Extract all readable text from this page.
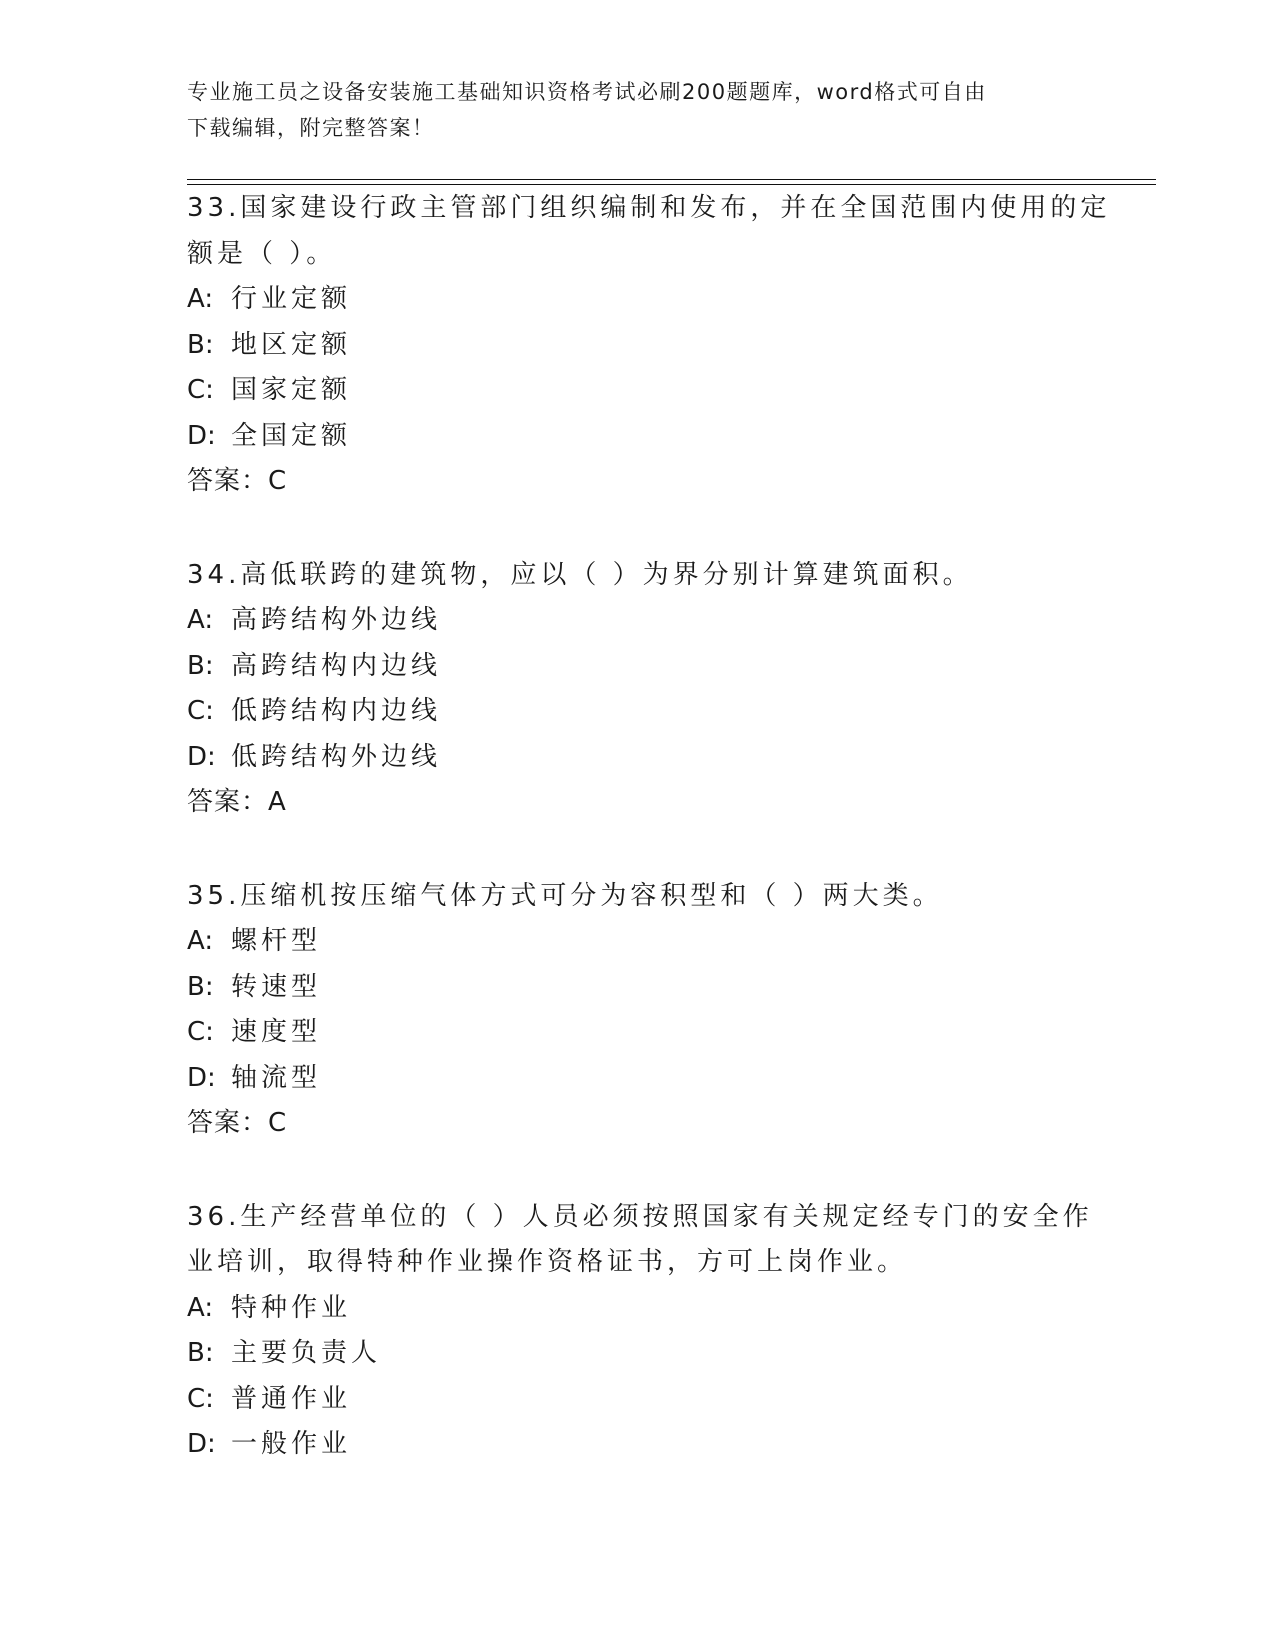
专业施工员之设备安装施工基础知识资格考试必刷200题题库，word格式可自由
下载编辑，附完整答案！
33.国家建设行政主管部门组织编制和发布，并在全国范围内使用的定
额是（ ）。
A: 行业定额
B: 地区定额
C: 国家定额
D: 全国定额
答案：C
34.高低联跨的建筑物，应以（ ）为界分别计算建筑面积。
A: 高跨结构外边线
B: 高跨结构内边线
C: 低跨结构内边线
D: 低跨结构外边线
答案：A
35.压缩机按压缩气体方式可分为容积型和（ ）两大类。
A: 螺杆型
B: 转速型
C: 速度型
D: 轴流型
答案：C
36.生产经营单位的（ ）人员必须按照国家有关规定经专门的安全作
业培训，取得特种作业操作资格证书，方可上岗作业。
A: 特种作业
B: 主要负责人
C: 普通作业
D: 一般作业
